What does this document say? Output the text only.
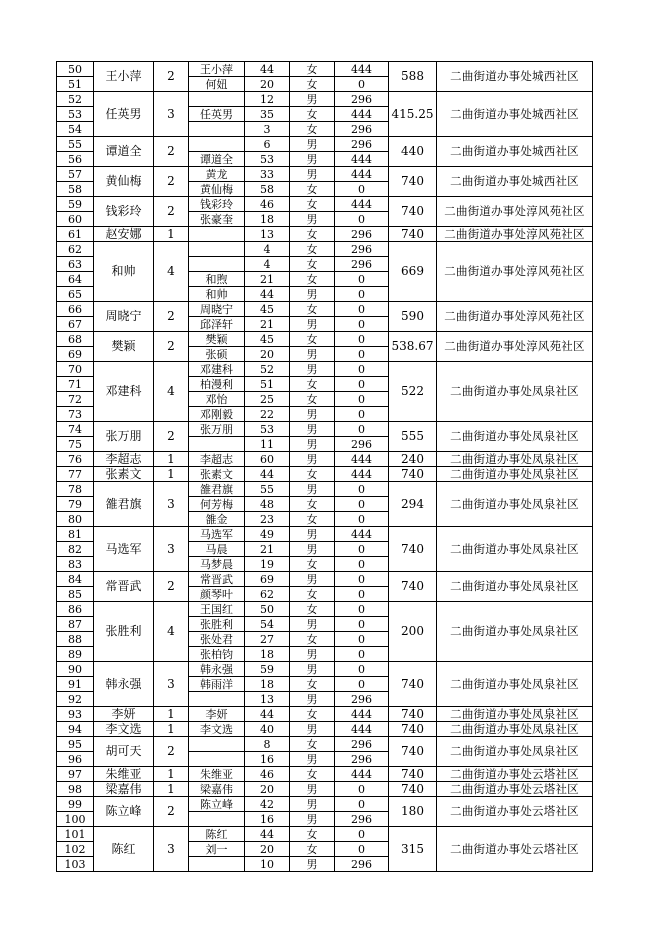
50	王小萍	2	王小萍	44	女	444	588	二曲街道办事处城西社区
51			何妞	20	女	0		
52	任英男	3		12	男	296	415.25	二曲街道办事处城西社区
53			任英男	35	女	444		
54				3	女	296		
55	谭道全	2		6	男	296	440	二曲街道办事处城西社区
56			谭道全	53	男	444		
57	黄仙梅	2	黄龙	33	男	444	740	二曲街道办事处城西社区
58			黄仙梅	58	女	0		
59	钱彩玲	2	钱彩玲	46	女	444	740	二曲街道办事处淳风苑社区
60			张豪奎	18	男	0		
61	赵安娜	1		13	女	296	740	二曲街道办事处淳风苑社区
62	和帅	4		4	女	296	669	二曲街道办事处淳风苑社区
63				4	女	296		
64			和煦	21	女	0		
65			和帅	44	男	0		
66	周晓宁	2	周晓宁	45	女	0	590	二曲街道办事处淳风苑社区
67			邱泽轩	21	男	0		
68	樊颖	2	樊颖	45	女	0	538.67	二曲街道办事处淳风苑社区
69			张硕	20	男	0		
70	邓建科	4	邓建科	52	男	0	522	二曲街道办事处凤泉社区
71			柏漫利	51	女	0		
72			邓怡	25	女	0		
73			邓刚毅	22	男	0		
74	张万朋	2	张万朋	53	男	0	555	二曲街道办事处凤泉社区
75				11	男	296		
76	李超志	1	李超志	60	男	444	240	二曲街道办事处凤泉社区
77	张素文	1	张素文	44	女	444	740	二曲街道办事处凤泉社区
78	雒君旗	3	雒君旗	55	男	0	294	二曲街道办事处凤泉社区
79			何芳梅	48	女	0		
80			雒金	23	女	0		
81	马选军	3	马选军	49	男	444	740	二曲街道办事处凤泉社区
82			马晨	21	男	0		
83			马梦晨	19	女	0		
84	常晋武	2	常晋武	69	男	0	740	二曲街道办事处凤泉社区
85			颜琴叶	62	女	0		
86	张胜利	4	王国红	50	女	0	200	二曲街道办事处凤泉社区
87			张胜利	54	男	0		
88			张处君	27	女	0		
89			张柏钧	18	男	0		
90	韩永强	3	韩永强	59	男	0	740	二曲街道办事处凤泉社区
91			韩雨洋	18	女	0		
92				13	男	296		
93	李妍	1	李妍	44	女	444	740	二曲街道办事处凤泉社区
94	李文选	1	李文选	40	男	444	740	二曲街道办事处凤泉社区
95	胡可天	2		8	女	296	740	二曲街道办事处凤泉社区
96				16	男	296		
97	朱维亚	1	朱维亚	46	女	444	740	二曲街道办事处云塔社区
98	梁嘉伟	1	梁嘉伟	20	男	0	740	二曲街道办事处云塔社区
99	陈立峰	2	陈立峰	42	男	0	180	二曲街道办事处云塔社区
100				16	男	296		
101	陈红	3	陈红	44	女	0	315	二曲街道办事处云塔社区
102			刘一	20	女	0		
103				10	男	296		
